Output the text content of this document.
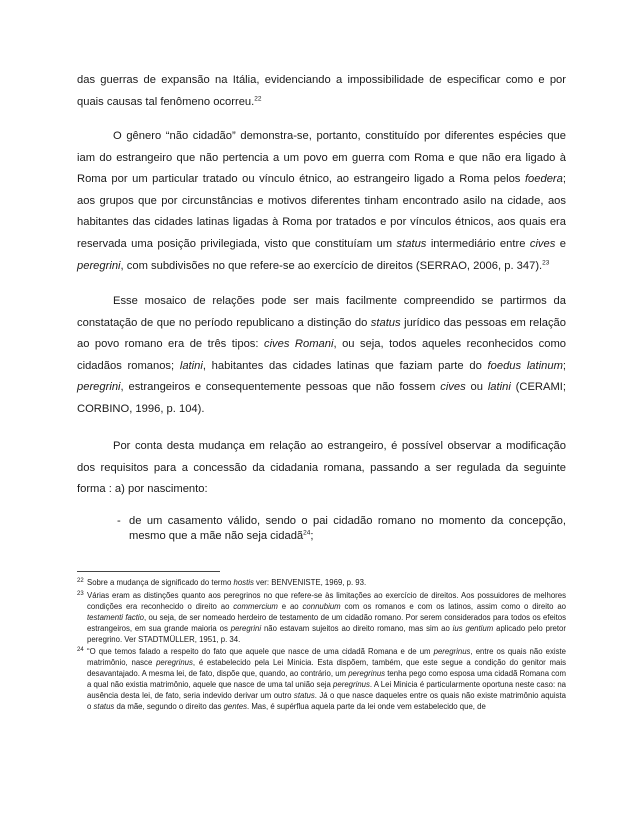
das guerras de expansão na Itália, evidenciando a impossibilidade de especificar como e por quais causas tal fenômeno ocorreu.$^{22}$

O gênero “não cidadão” demonstra-se, portanto, constituído por diferentes espécies que iam do estrangeiro que não pertencia a um povo em guerra com Roma e que não era ligado à Roma por um particular tratado ou vínculo étnico, ao estrangeiro ligado a Roma pelos foedera; aos grupos que por circunstâncias e motivos diferentes tinham encontrado asilo na cidade, aos habitantes das cidades latinas ligadas à Roma por tratados e por vínculos étnicos, aos quais era reservada uma posição privilegiada, visto que constituíam um status intermediário entre cives e peregrini, com subdivisões no que refere-se ao exercício de direitos (SERRAO, 2006, p. 347).$^{23}$

Esse mosaico de relações pode ser mais facilmente compreendido se partirmos da constatação de que no período republicano a distinção do status jurídico das pessoas em relação ao povo romano era de três tipos: cives Romani, ou seja, todos aqueles reconhecidos como cidadãos romanos; latini, habitantes das cidades latinas que faziam parte do foedus latinum; peregrini, estrangeiros e consequentemente pessoas que não fossem cives ou latini (CERAMI; CORBINO, 1996, p. 104).

Por conta desta mudança em relação ao estrangeiro, é possível observar a modificação dos requisitos para a concessão da cidadania romana, passando a ser regulada da seguinte forma : a) por nascimento:

- de um casamento válido, sendo o pai cidadão romano no momento da concepção, mesmo que a mãe não seja cidadã$^{24}$;
22 Sobre a mudança de significado do termo hostis ver: BENVENISTE, 1969, p. 93.
23 Várias eram as distinções quanto aos peregrinos no que refere-se às limitações ao exercício de direitos. Aos possuidores de melhores condições era reconhecido o direito ao commercium e ao connubium com os romanos e com os latinos, assim como o direito ao testamenti factio, ou seja, de ser nomeado herdeiro de testamento de um cidadão romano. Por serem considerados para todos os efeitos estrangeiros, em sua grande maioria os peregrini não estavam sujeitos ao direito romano, mas sim ao ius gentium aplicado pelo pretor peregrino. Ver STADTMÜLLER, 1951, p. 34.
24 “O que temos falado a respeito do fato que aquele que nasce de uma cidadã Romana e de um peregrinus, entre os quais não existe matrimônio, nasce peregrinus, é estabelecido pela Lei Minicia. Esta dispõem, também, que este segue a condição do genitor mais desavantajado. A mesma lei, de fato, dispõe que, quando, ao contrário, um peregrinus tenha pego como esposa uma cidadã Romana com a qual não existia matrimônio, aquele que nasce de uma tal união seja peregrinus. A Lei Minicia é particularmente oportuna neste caso: na ausência desta lei, de fato, seria indevido derivar um outro status. Já o que nasce daqueles entre os quais não existe matrimônio aquista o status da mãe, segundo o direito das gentes. Mas, é supérflua aquela parte da lei onde vem estabelecido que, de
